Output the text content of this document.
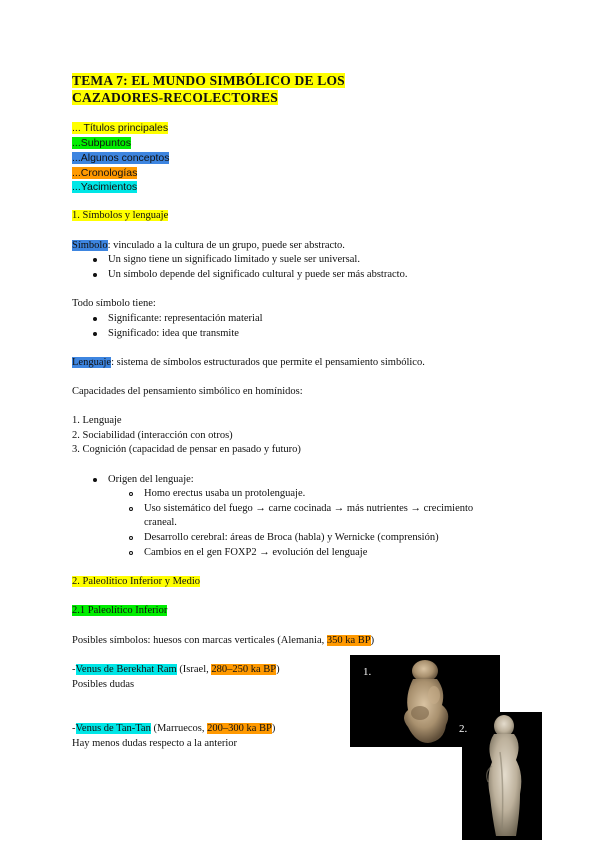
TEMA 7: EL MUNDO SIMBÓLICO DE LOS
CAZADORES-RECOLECTORES
... Títulos principales
...Subpuntos
...Algunos conceptos
...Cronologías
...Yacimientos
1. Símbolos y lenguaje
Símbolo: vinculado a la cultura de un grupo, puede ser abstracto.
Un signo tiene un significado limitado y suele ser universal.
Un símbolo depende del significado cultural y puede ser más abstracto.
Todo símbolo tiene:
Significante: representación material
Significado: idea que transmite
Lenguaje: sistema de símbolos estructurados que permite el pensamiento simbólico.
Capacidades del pensamiento simbólico en homínidos:
1. Lenguaje
2. Sociabilidad (interacción con otros)
3. Cognición (capacidad de pensar en pasado y futuro)
Origen del lenguaje:
Homo erectus usaba un protolenguaje.
Uso sistemático del fuego → carne cocinada → más nutrientes → crecimiento
craneal.
Desarrollo cerebral: áreas de Broca (habla) y Wernicke (comprensión)
Cambios en el gen FOXP2 → evolución del lenguaje
2. Paleolítico Inferior y Medio
2.1 Paleolítico Inferior
Posibles símbolos: huesos con marcas verticales (Alemania, 350 ka BP)
-Venus de Berekhat Ram (Israel, 280–250 ka BP)
Posibles dudas
-Venus de Tan-Tan (Marruecos, 200–300 ka BP)
Hay menos dudas respecto a la anterior
1.
2.
